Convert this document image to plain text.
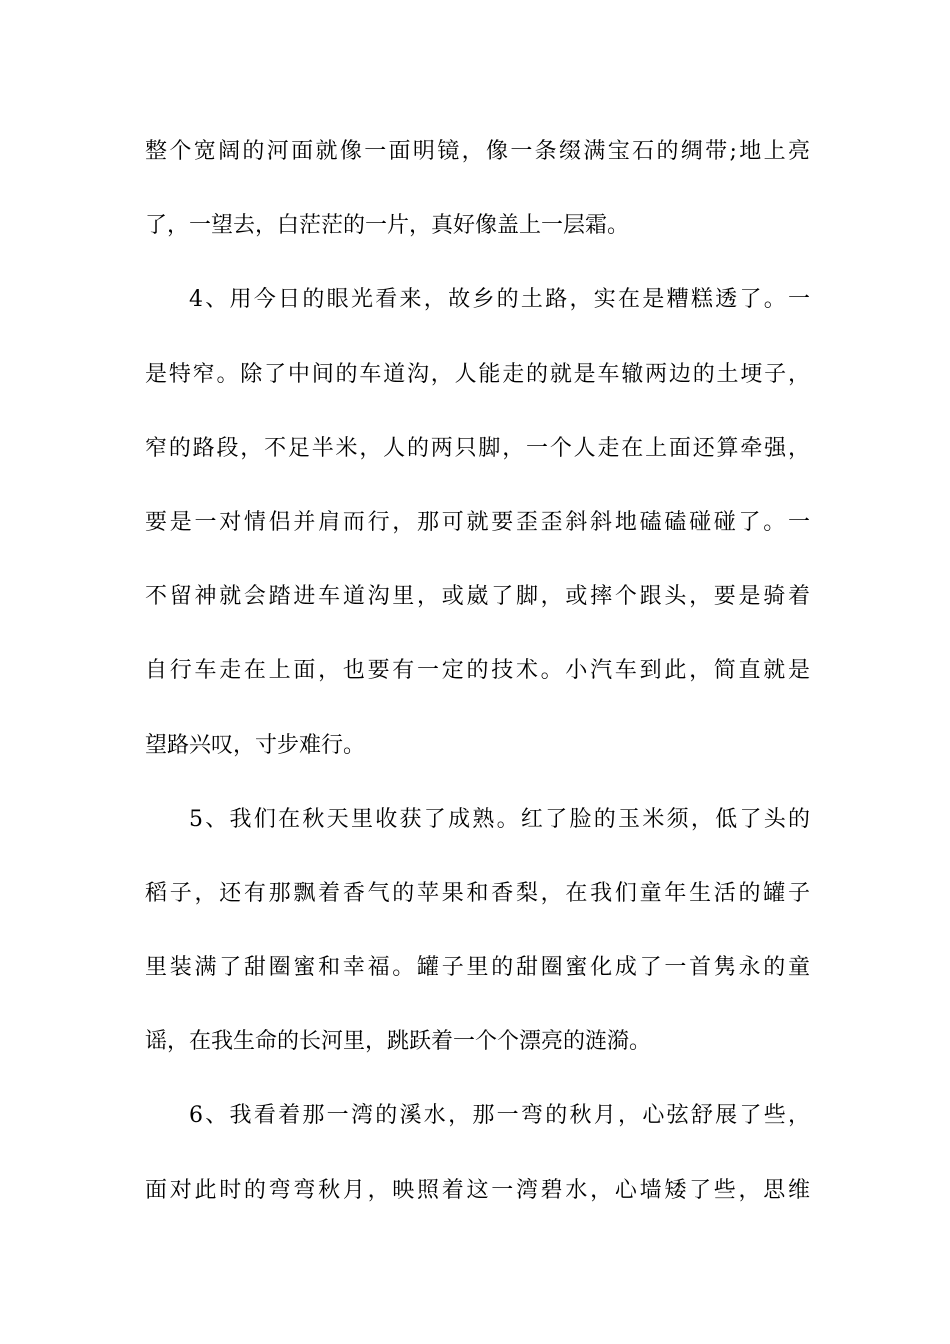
整个宽阔的河面就像一面明镜，像一条缀满宝石的绸带;地上亮
了，一望去，白茫茫的一片，真好像盖上一层霜。
4、用今日的眼光看来，故乡的土路，实在是糟糕透了。一
是特窄。除了中间的车道沟，人能走的就是车辙两边的土埂子，
窄的路段，不足半米，人的两只脚，一个人走在上面还算牵强，
要是一对情侣并肩而行，那可就要歪歪斜斜地磕磕碰碰了。一
不留神就会踏进车道沟里，或崴了脚，或摔个跟头，要是骑着
自行车走在上面，也要有一定的技术。小汽车到此，简直就是
望路兴叹，寸步难行。
5、我们在秋天里收获了成熟。红了脸的玉米须，低了头的
稻子，还有那飘着香气的苹果和香梨，在我们童年生活的罐子
里装满了甜圈蜜和幸福。罐子里的甜圈蜜化成了一首隽永的童
谣，在我生命的长河里，跳跃着一个个漂亮的涟漪。
6、我看着那一湾的溪水，那一弯的秋月，心弦舒展了些，
面对此时的弯弯秋月，映照着这一湾碧水，心墙矮了些，思维
